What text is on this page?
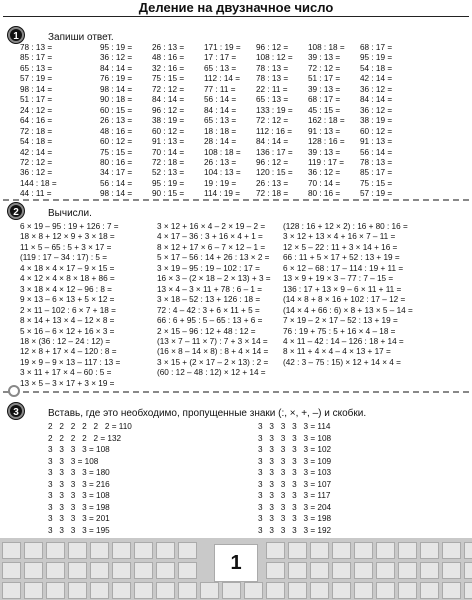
Деление на двузначное число
1	Запиши ответ.
78 : 13 =
85 : 17 =
65 : 13 =
57 : 19 =
98 : 14 =
51 : 17 =
24 : 12 =
64 : 16 =
72 : 18 =
54 : 18 =
42 : 14 =
72 : 12 =
36 : 12 =
144 : 18 =
44 : 11 =
95 : 19 =
36 : 12 =
84 : 14 =
76 : 19 =
98 : 14 =
90 : 18 =
60 : 15 =
26 : 13 =
48 : 16 =
60 : 12 =
75 : 15 =
80 : 16 =
34 : 17 =
56 : 14 =
98 : 14 =
26 : 13 =
48 : 16 =
32 : 16 =
75 : 15 =
72 : 12 =
84 : 14 =
96 : 12 =
38 : 19 =
60 : 12 =
91 : 13 =
70 : 14 =
72 : 18 =
52 : 13 =
95 : 19 =
90 : 15 =
171 : 19 =
17 : 17 =
65 : 13 =
112 : 14 =
77 : 11 =
56 : 14 =
84 : 14 =
65 : 13 =
18 : 18 =
28 : 14 =
108 : 18 =
26 : 13 =
104 : 13 =
19 : 19 =
114 : 19 =
96 : 12 =
108 : 12 =
78 : 13 =
78 : 13 =
22 : 11 =
65 : 13 =
133 : 19 =
72 : 12 =
112 : 16 =
84 : 14 =
136 : 17 =
96 : 12 =
120 : 15 =
26 : 13 =
72 : 18 =
108 : 18 =
39 : 13 =
72 : 12 =
51 : 17 =
39 : 13 =
68 : 17 =
45 : 15 =
162 : 18 =
91 : 13 =
128 : 16 =
39 : 13 =
119 : 17 =
36 : 12 =
70 : 14 =
80 : 16 =
68 : 17 =
95 : 19 =
54 : 18 =
42 : 14 =
36 : 12 =
84 : 14 =
36 : 12 =
38 : 19 =
60 : 12 =
91 : 13 =
56 : 14 =
78 : 13 =
85 : 17 =
75 : 15 =
57 : 19 =
2	Вычисли.
6 × 19 – 95 : 19 + 126 : 7 =
18 × 8 + 12 × 9 + 3 × 18 =
11 × 5 – 65 : 5 + 3 × 17 =
(119 : 17 – 34 : 17) : 5 =
4 × 18 × 4 × 17 – 9 × 15 =
4 × 12 × 4 × 8 × 18 + 86 =
3 × 18 × 4 × 12 – 96 : 8 =
9 × 13 – 6 × 13 + 5 × 12 =
2 × 11 – 102 : 6 × 7 + 18 =
8 × 14 + 13 × 4 – 12 × 8 =
5 × 16 – 6 × 12 + 16 × 3 =
18 × (36 : 12 – 24 : 12) =
12 × 8 + 17 × 4 – 120 : 8 =
19 × 9 – 9 × 13 – 117 : 13 =
3 × 11 + 17 × 4 – 60 : 5 =
13 × 5 – 3 × 17 + 3 × 19 =
3 × 12 + 16 × 4 – 2 × 19 – 2 =
4 × 17 – 36 : 3 + 16 × 4 + 1 =
8 × 12 + 17 × 6 – 7 × 12 – 1 =
5 × 17 – 56 : 14 + 26 : 13 × 2 =
3 × 19 – 95 : 19 – 102 : 17 =
16 × 3 – (2 × 18 – 2 × 13) + 3 =
13 × 4 – 3 × 11 + 78 : 6 – 1 =
3 × 18 – 52 : 13 + 126 : 18 =
72 : 4 – 42 : 3 + 6 × 11 + 5 =
66 : 6 + 95 : 5 – 65 : 13 + 6 =
2 × 15 – 96 : 12 + 48 : 12 =
(13 × 7 – 11 × 7) : 7 + 3 × 14 =
(16 × 8 – 14 × 8) : 8 + 4 × 14 =
3 × 15 + (2 × 17 – 2 × 13) : 2 =
(60 : 12 – 48 : 12) × 12 + 14 =
(128 : 16 + 12 × 2) : 16 + 80 : 16 =
3 × 12 + 13 × 4 + 16 × 7 – 11 =
12 × 5 – 22 : 11 + 3 × 14 + 16 =
66 : 11 + 5 × 17 + 52 : 13 + 19 =
6 × 12 – 68 : 17 – 114 : 19 + 11 =
13 × 9 + 19 × 3 – 77 : 7 – 15 =
136 : 17 + 13 × 9 – 6 × 11 + 11 =
(14 × 8 + 8 × 16 + 102 : 17 – 12 =
(14 × 4 + 66 : 6) × 8 + 13 × 5 – 14 =
7 × 19 – 2 × 17 – 52 : 13 + 19 =
76 : 19 + 75 : 5 + 16 × 4 – 18 =
4 × 11 – 42 : 14 – 126 : 18 + 14 =
8 × 11 + 4 × 4 – 4 × 13 + 17 =
(42 : 3 – 75 : 15) × 12 + 14 × 4 =
3	Вставь, где это необходимо, пропущенные знаки (:, ×, +, –) и скобки.
2   2   2   2   2   2 = 110
2   2   2   2   2 = 132
3   3   3   3 = 108
3   3   3 = 108
3   3   3   3 = 180
3   3   3   3 = 216
3   3   3   3 = 108
3   3   3   3 = 198
3   3   3   3 = 201
3   3   3   3 = 195
3   3   3   3   3 = 114
3   3   3   3   3 = 108
3   3   3   3   3 = 102
3   3   3   3   3 = 109
3   3   3   3   3 = 103
3   3   3   3   3 = 107
3   3   3   3   3 = 117
3   3   3   3   3 = 204
3   3   3   3   3 = 198
3   3   3   3   3 = 192
1
